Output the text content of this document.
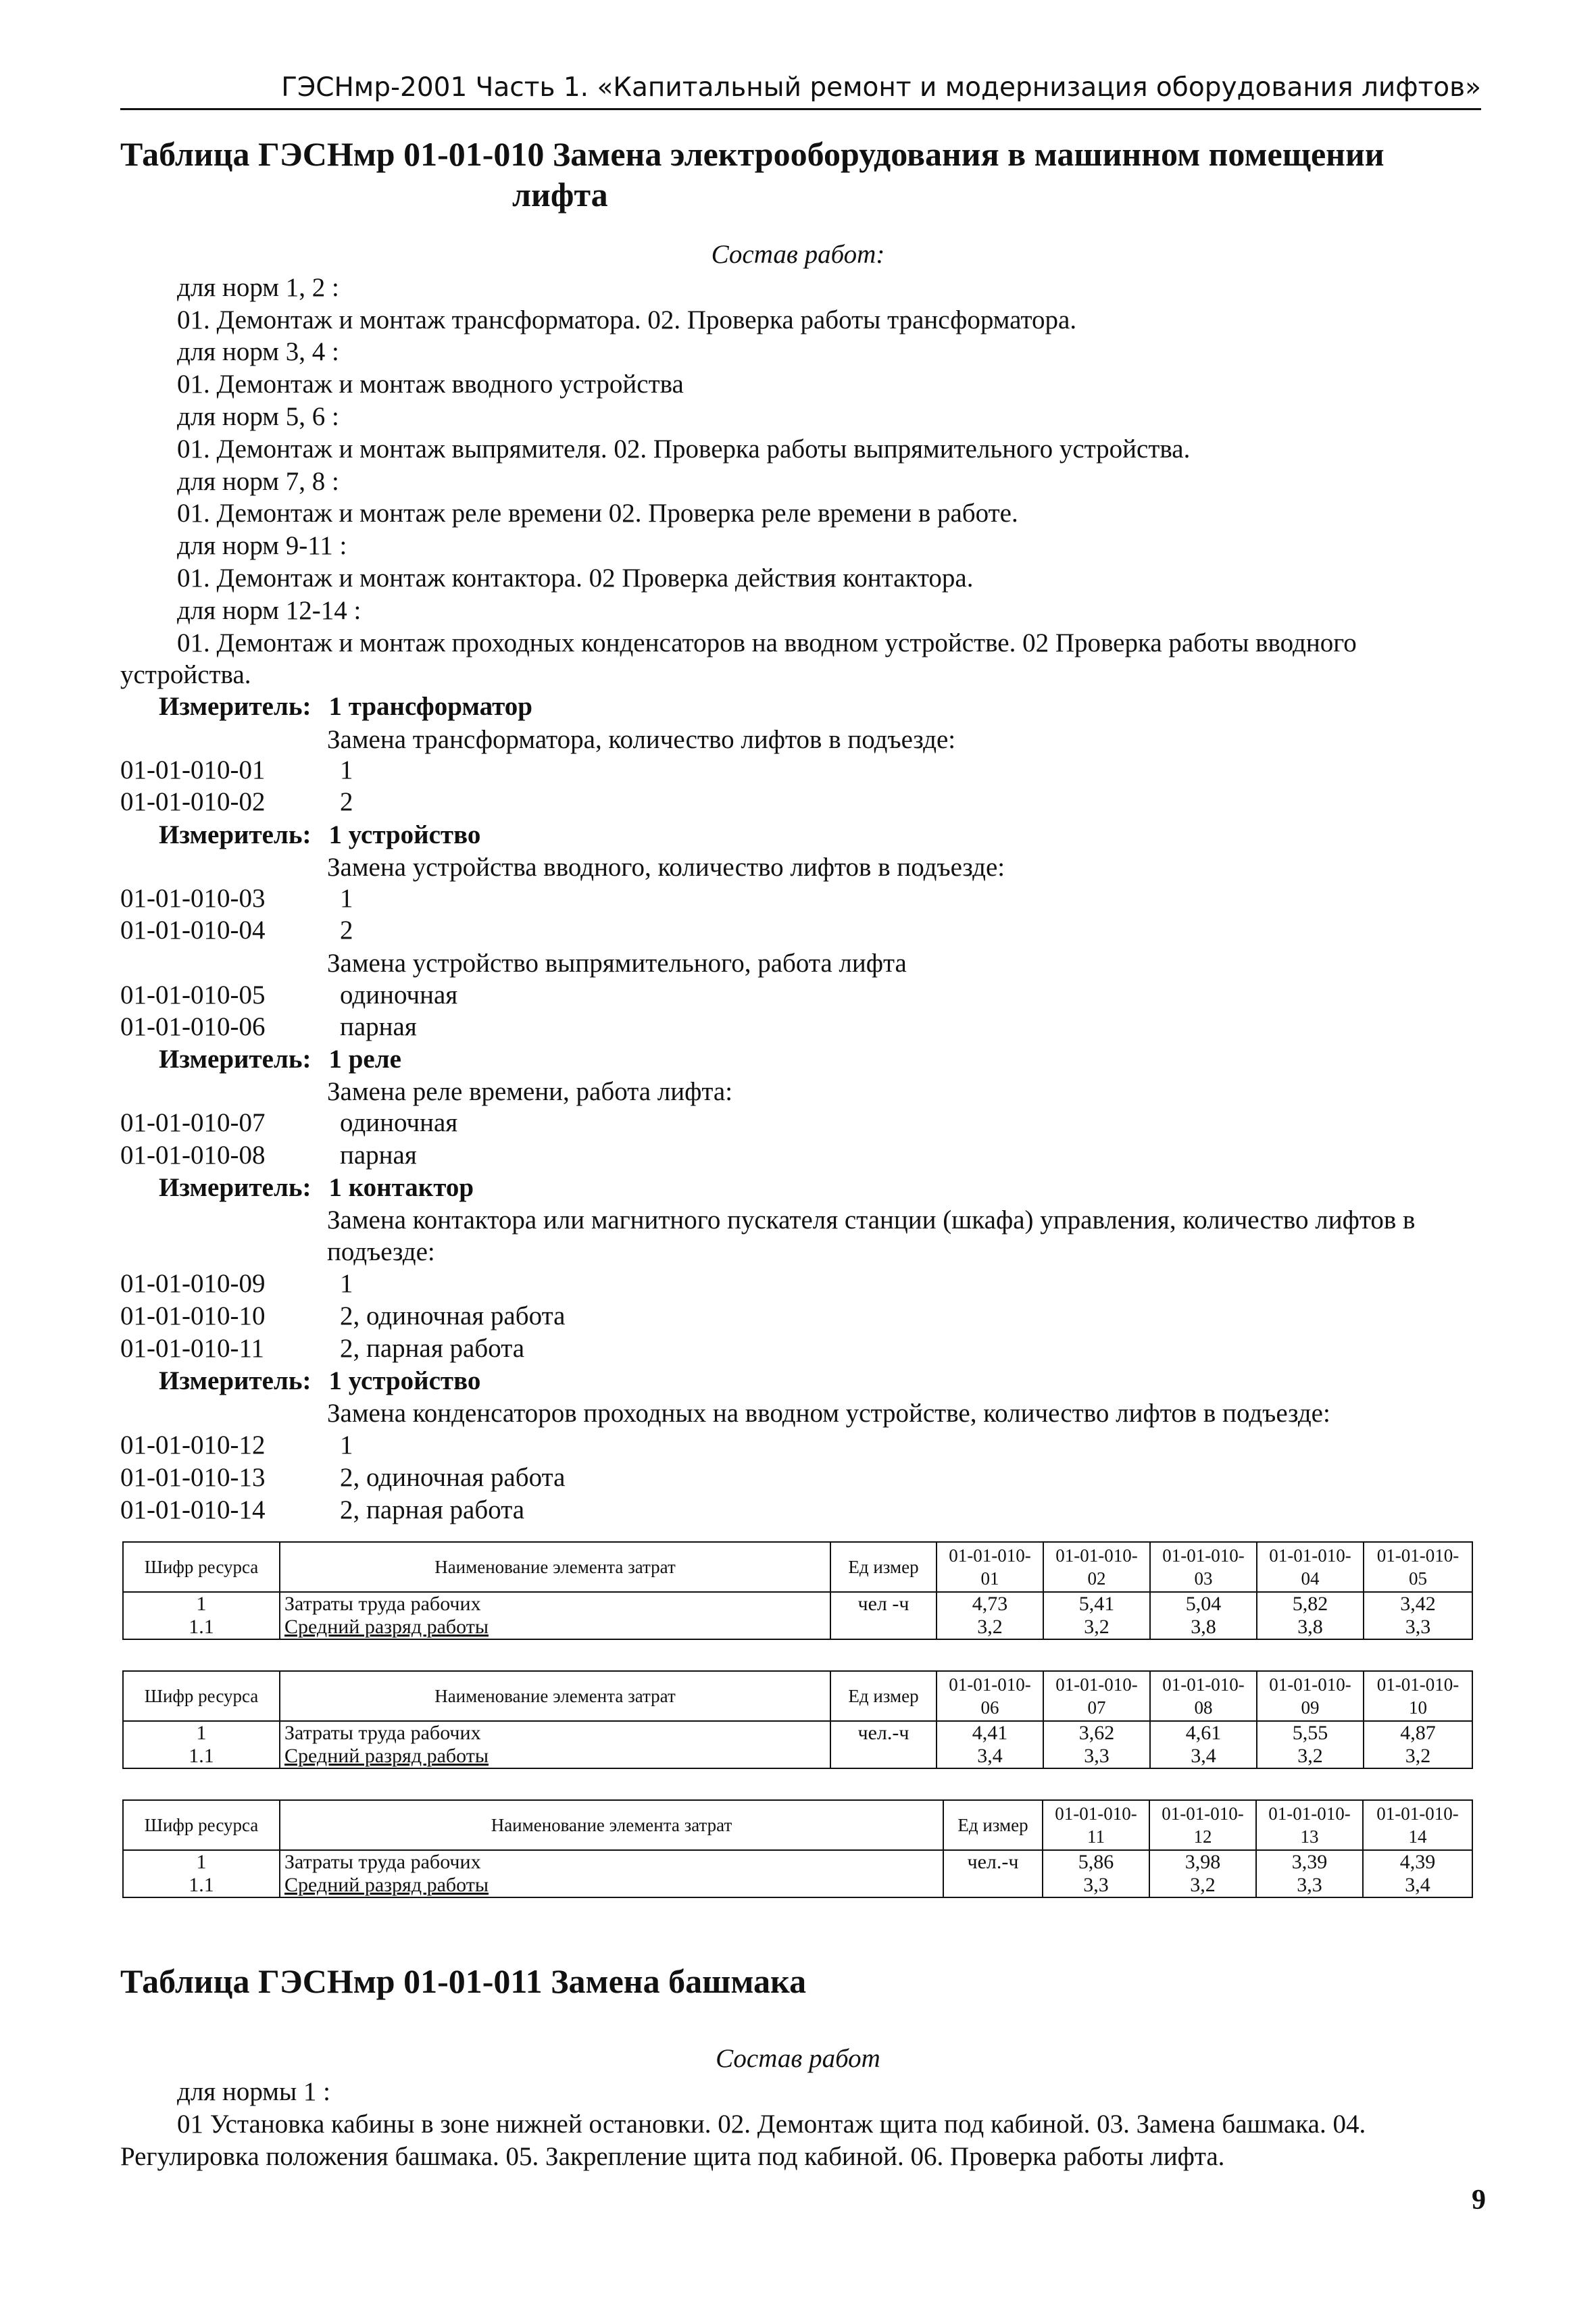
ГЭСНмр-2001 Часть 1. «Капитальный ремонт и модернизация оборудования лифтов»
Таблица ГЭСНмр 01-01-010 Замена электрооборудования в машинном помещении
лифта
Состав работ:
для норм 1, 2 :
01. Демонтаж и монтаж трансформатора. 02. Проверка работы трансформатора.
для норм 3, 4 :
01. Демонтаж и монтаж вводного устройства
для норм 5, 6 :
01. Демонтаж и монтаж выпрямителя. 02. Проверка работы выпрямительного устройства.
для норм 7, 8 :
01. Демонтаж и монтаж реле времени 02. Проверка реле времени в работе.
для норм 9-11 :
01. Демонтаж и монтаж контактора. 02 Проверка действия контактора.
для норм 12-14 :
01. Демонтаж и монтаж проходных конденсаторов на вводном устройстве. 02 Проверка работы вводного
устройства.
Измеритель: 1 трансформатор
Замена трансформатора, количество лифтов в подъезде:
01-01-010-01	1
01-01-010-02	2
Измеритель: 1 устройство
Замена устройства вводного, количество лифтов в подъезде:
01-01-010-03	1
01-01-010-04	2
Замена устройство выпрямительного, работа лифта
01-01-010-05	одиночная
01-01-010-06	парная
Измеритель: 1 реле
Замена реле времени, работа лифта:
01-01-010-07	одиночная
01-01-010-08	парная
Измеритель: 1 контактор
Замена контактора или магнитного пускателя станции (шкафа) управления, количество лифтов в подъезде:
01-01-010-09	1
01-01-010-10	2, одиночная работа
01-01-010-11	2, парная работа
Измеритель: 1 устройство
Замена конденсаторов проходных на вводном устройстве, количество лифтов в подъезде:
01-01-010-12	1
01-01-010-13	2, одиночная работа
01-01-010-14	2, парная работа
Шифр ресурса	Наименование элемента затрат	Ед измер	01-01-010-01	01-01-010-02	01-01-010-03	01-01-010-04	01-01-010-05
1	Затраты труда рабочих	чел -ч	4,73	5,41	5,04	5,82	3,42
1.1	Средний разряд работы		3,2	3,2	3,8	3,8	3,3
Шифр ресурса	Наименование элемента затрат	Ед измер	01-01-010-06	01-01-010-07	01-01-010-08	01-01-010-09	01-01-010-10
1	Затраты труда рабочих	чел.-ч	4,41	3,62	4,61	5,55	4,87
1.1	Средний разряд работы		3,4	3,3	3,4	3,2	3,2
Шифр ресурса	Наименование элемента затрат	Ед измер	01-01-010-11	01-01-010-12	01-01-010-13	01-01-010-14
1	Затраты труда рабочих	чел.-ч	5,86	3,98	3,39	4,39
1.1	Средний разряд работы		3,3	3,2	3,3	3,4
Таблица ГЭСНмр 01-01-011 Замена башмака
Состав работ
для нормы 1 :
01 Установка кабины в зоне нижней остановки. 02. Демонтаж щита под кабиной. 03. Замена башмака. 04.
Регулировка положения башмака. 05. Закрепление щита под кабиной. 06. Проверка работы лифта.
9
